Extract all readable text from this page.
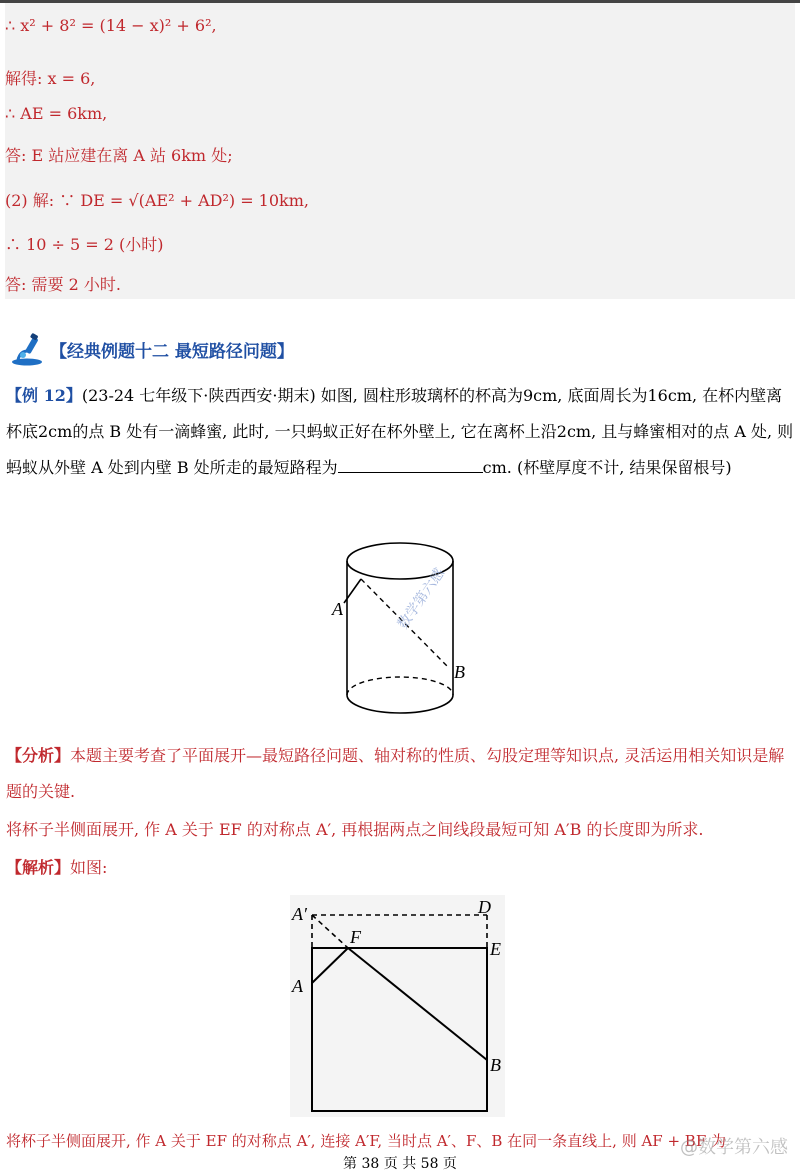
∴ x² + 8² = (14 − x)² + 6²,
解得: x = 6,
∴ AE = 6km,
答: E 站应建在离 A 站 6km 处;
(2) 解: ∵ DE = √(AE² + AD²) = 10km,
∴ 10 ÷ 5 = 2 (小时)
答: 需要 2 小时.
【经典例题十二 最短路径问题】

【例 12】(23-24 七年级下·陕西西安·期末) 如图, 圆柱形玻璃杯的杯高为9cm, 底面周长为16cm, 在杯内壁离杯底2cm的点 B 处有一滴蜂蜜, 此时, 一只蚂蚁正好在杯外壁上, 它在离杯上沿2cm, 且与蜂蜜相对的点 A 处, 则蚂蚁从外壁 A 处到内壁 B 处所走的最短路程为	cm. (杯壁厚度不计, 结果保留根号)

A
B
数学第六感

【分析】本题主要考查了平面展开—最短路径问题、轴对称的性质、勾股定理等知识点, 灵活运用相关知识是解题的关键.

将杯子半侧面展开, 作 A 关于 EF 的对称点 A′, 再根据两点之间线段最短可知 A′B 的长度即为所求.

【解析】如图:

A′	D
F
E
A
B
将杯子半侧面展开, 作 A 关于 EF 的对称点 A′, 连接 A′F, 当时点 A′、F、B 在同一条直线上, 则 AF + BF 为
第 38 页 共 58 页
@数学第六感
